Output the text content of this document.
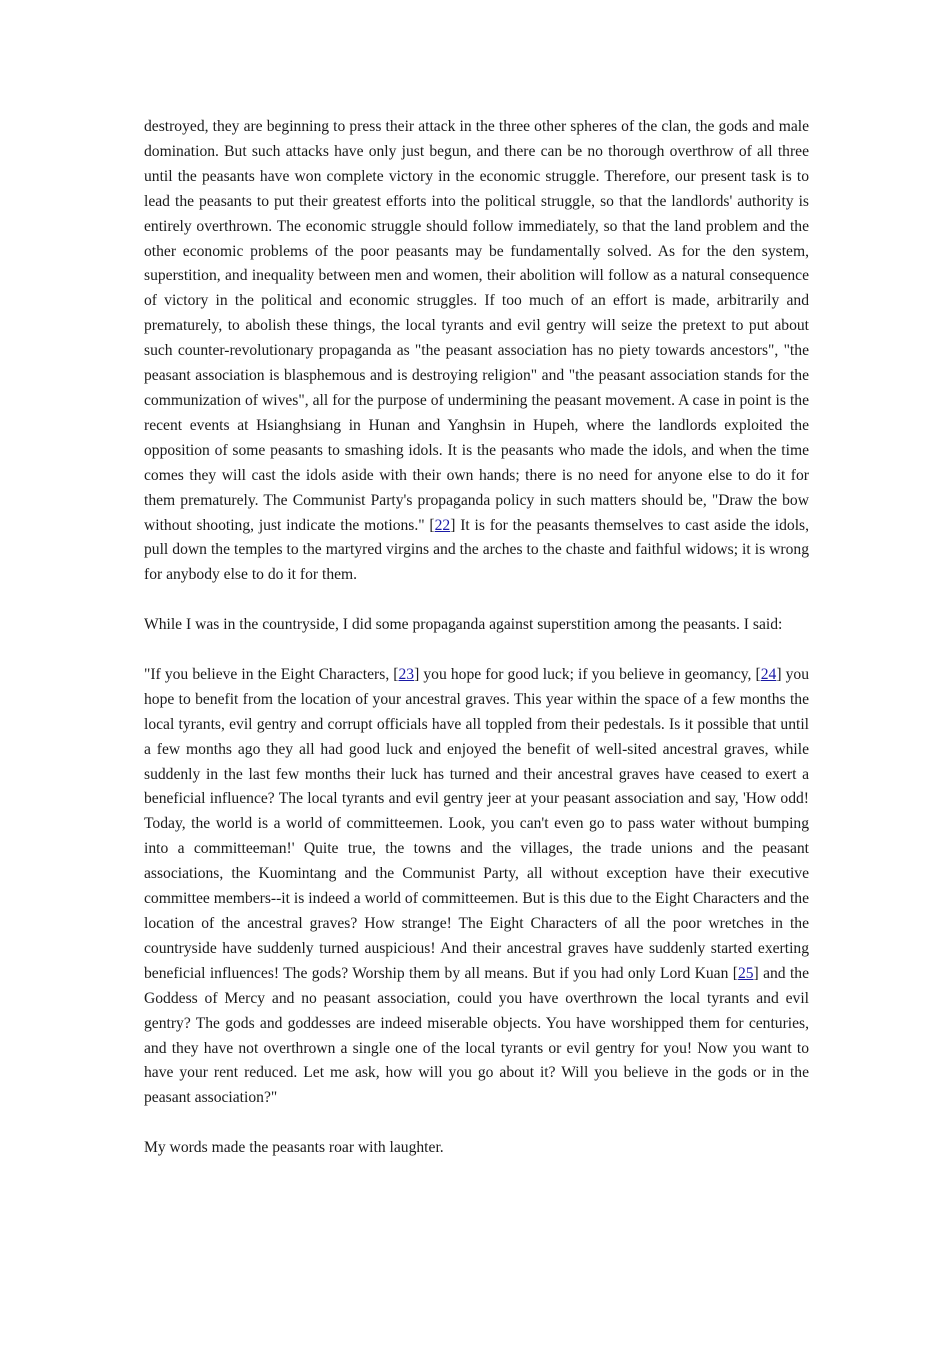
destroyed, they are beginning to press their attack in the three other spheres of the clan, the gods and male domination. But such attacks have only just begun, and there can be no thorough overthrow of all three until the peasants have won complete victory in the economic struggle. Therefore, our present task is to lead the peasants to put their greatest efforts into the political struggle, so that the landlords' authority is entirely overthrown. The economic struggle should follow immediately, so that the land problem and the other economic problems of the poor peasants may be fundamentally solved. As for the den system, superstition, and inequality between men and women, their abolition will follow as a natural consequence of victory in the political and economic struggles. If too much of an effort is made, arbitrarily and prematurely, to abolish these things, the local tyrants and evil gentry will seize the pretext to put about such counter-revolutionary propaganda as "the peasant association has no piety towards ancestors", "the peasant association is blasphemous and is destroying religion" and "the peasant association stands for the communization of wives", all for the purpose of undermining the peasant movement. A case in point is the recent events at Hsianghsiang in Hunan and Yanghsin in Hupeh, where the landlords exploited the opposition of some peasants to smashing idols. It is the peasants who made the idols, and when the time comes they will cast the idols aside with their own hands; there is no need for anyone else to do it for them prematurely. The Communist Party's propaganda policy in such matters should be, "Draw the bow without shooting, just indicate the motions." [22] It is for the peasants themselves to cast aside the idols, pull down the temples to the martyred virgins and the arches to the chaste and faithful widows; it is wrong for anybody else to do it for them.

While I was in the countryside, I did some propaganda against superstition among the peasants. I said:

"If you believe in the Eight Characters, [23] you hope for good luck; if you believe in geomancy, [24] you hope to benefit from the location of your ancestral graves. This year within the space of a few months the local tyrants, evil gentry and corrupt officials have all toppled from their pedestals. Is it possible that until a few months ago they all had good luck and enjoyed the benefit of well-sited ancestral graves, while suddenly in the last few months their luck has turned and their ancestral graves have ceased to exert a beneficial influence? The local tyrants and evil gentry jeer at your peasant association and say, 'How odd! Today, the world is a world of committeemen. Look, you can't even go to pass water without bumping into a committeeman!' Quite true, the towns and the villages, the trade unions and the peasant associations, the Kuomintang and the Communist Party, all without exception have their executive committee members--it is indeed a world of committeemen. But is this due to the Eight Characters and the location of the ancestral graves? How strange! The Eight Characters of all the poor wretches in the countryside have suddenly turned auspicious! And their ancestral graves have suddenly started exerting beneficial influences! The gods? Worship them by all means. But if you had only Lord Kuan [25] and the Goddess of Mercy and no peasant association, could you have overthrown the local tyrants and evil gentry? The gods and goddesses are indeed miserable objects. You have worshipped them for centuries, and they have not overthrown a single one of the local tyrants or evil gentry for you! Now you want to have your rent reduced. Let me ask, how will you go about it? Will you believe in the gods or in the peasant association?"

My words made the peasants roar with laughter.
